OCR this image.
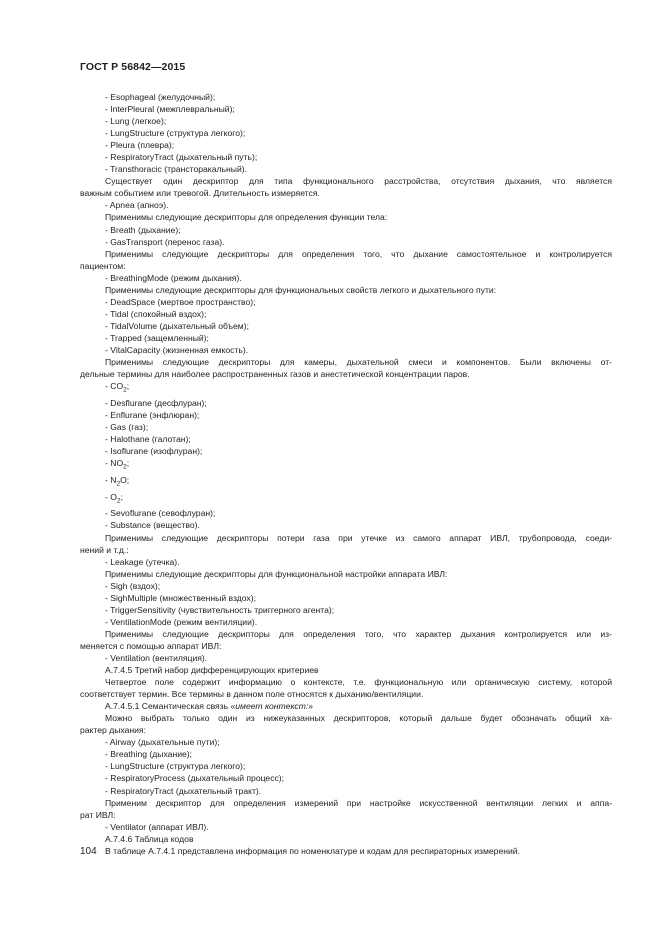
ГОСТ Р 56842—2015
- Esophageal (желудочный);
- InterPleural (межплевральный);
- Lung (легкое);
- LungStructure (структура легкого);
- Pleura (плевра);
- RespiratoryTract (дыхательный путь);
- Transthoracic (трансторакальный).
Существует один дескриптор для типа функционального расстройства, отсутствия дыхания, что является
важным событием или тревогой. Длительность измеряется.
- Apnea (апноэ).
Применимы следующие дескрипторы для определения функции тела:
- Breath (дыхание);
- GasTransport (перенос газа).
Применимы следующие дескрипторы для определения того, что дыхание самостоятельное и контролируется
пациентом:
- BreathingMode (режим дыхания).
Применимы следующие дескрипторы для функциональных свойств легкого и дыхательного пути:
- DeadSpace (мертвое пространство);
- Tidal (спокойный вздох);
- TidalVolume (дыхательный объем);
- Trapped (защемленный);
- VitalCapacity (жизненная емкость).
Применимы следующие дескрипторы для камеры, дыхательной смеси и компонентов. Были включены от-
дельные термины для наиболее распространенных газов и анестетической концентрации паров.
- $CO_2$;
- Desflurane (десфлуран);
- Enflurane (энфлюран);
- Gas (газ);
- Halothane (галотан);
- Isoflurane (изофлуран);
- $NO_2$;
- $N_2O$;
- $O_2$;
- Sevoflurane (севофлуран);
- Substance (вещество).
Применимы следующие дескрипторы потери газа при утечке из самого аппарат ИВЛ, трубопровода, соеди-
нений и т.д.:
- Leakage (утечка).
Применимы следующие дескрипторы для функциональной настройки аппарата ИВЛ:
- Sigh (вздох);
- SighMultiple (множественный вздох);
- TriggerSensitivity (чувствительность триггерного агента);
- VentilationMode (режим вентиляции).
Применимы следующие дескрипторы для определения того, что характер дыхания контролируется или из-
меняется с помощью аппарат ИВЛ:
- Ventilation (вентиляция).
А.7.4.5 Третий набор дифференцирующих критериев
Четвертое поле содержит информацию о контексте, т.е. функциональную или органическую систему, которой
соответствует термин. Все термины в данном поле относятся к дыханию/вентиляции.
А.7.4.5.1 Семантическая связь «имеет контекст:»
Можно выбрать только один из нижеуказанных дескрипторов, который дальше будет обозначать общий ха-
рактер дыхания:
- Airway (дыхательные пути);
- Breathing (дыхание);
- LungStructure (структура легкого);
- RespiratoryProcess (дыхательный процесс);
- RespiratoryTract (дыхательный тракт).
Применим дескриптор для определения измерений при настройке искусственной вентиляции легких и аппа-
рат ИВЛ:
- Ventilator (аппарат ИВЛ).
А.7.4.6 Таблица кодов
В таблице А.7.4.1 представлена информация по номенклатуре и кодам для респираторных измерений.
104
